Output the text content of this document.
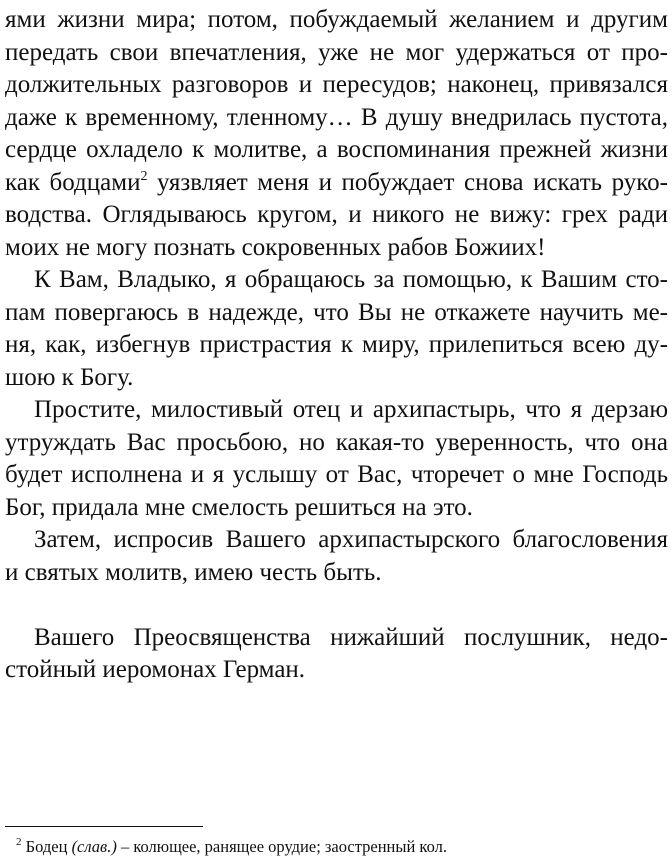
ями жизни мира; потом, побуждаемый желанием и другим
передать свои впечатления, уже не мог удержаться от про-
должительных разговоров и пересудов; наконец, привязался
даже к временному, тленному… В душу внедрилась пустота,
сердце охладело к молитве, а воспоминания прежней жизни
как бодцами$^2$ уязвляет меня и побуждает снова искать руко-
водства. Оглядываюсь кругом, и никого не вижу: грех ради
моих не могу познать сокровенных рабов Божиих!
К Вам, Владыко, я обращаюсь за помощью, к Вашим сто-
пам повергаюсь в надежде, что Вы не откажете научить ме-
ня, как, избегнув пристрастия к миру, прилепиться всею ду-
шою к Богу.
Простите, милостивый отец и архипастырь, что я дерзаю
утруждать Вас просьбою, но какая-то уверенность, что она
будет исполнена и я услышу от Вас, чторечет о мне Господь
Бог, придала мне смелость решиться на это.
Затем, испросив Вашего архипастырского благословения
и святых молитв, имею честь быть.
Вашего Преосвященства нижайший послушник, недо-
стойный иеромонах Герман.
$^2$ Бодец (слав.) – колющее, ранящее орудие; заостренный кол.
